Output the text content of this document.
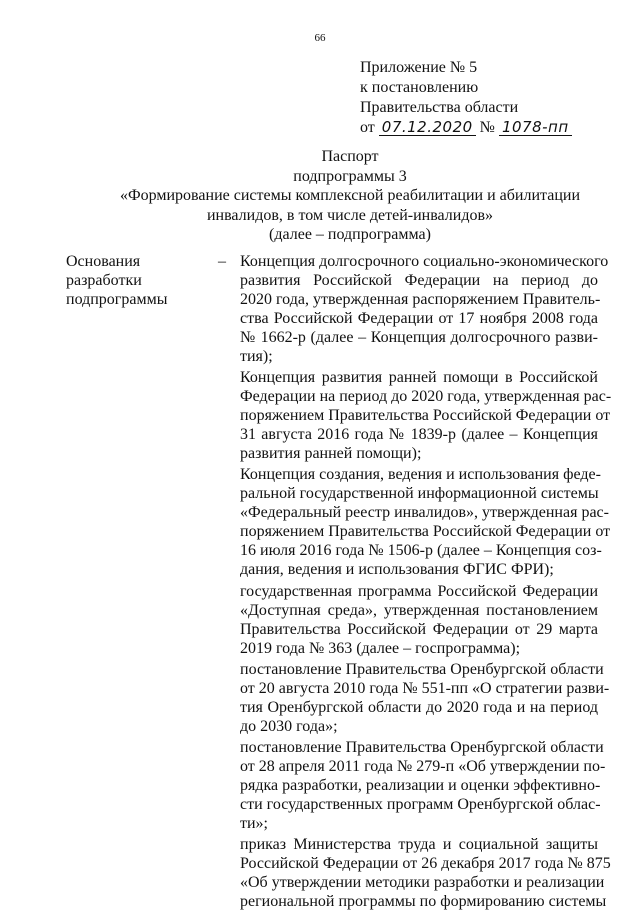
66
Приложение № 5
к постановлению
Правительства области
от 07.12.2020 № 1078-пп
Паспорт
подпрограммы 3
«Формирование системы комплексной реабилитации и абилитации
инвалидов, в том числе детей-инвалидов»
(далее – подпрограмма)
Основания
разработки
подпрограммы
– Концепция долгосрочного социально-экономического
развития Российской Федерации на период до
2020 года, утвержденная распоряжением Правитель-
ства Российской Федерации от 17 ноября 2008 года
№ 1662-р (далее – Концепция долгосрочного разви-
тия);
Концепция развития ранней помощи в Российской
Федерации на период до 2020 года, утвержденная рас-
поряжением Правительства Российской Федерации от
31 августа 2016 года № 1839-р (далее – Концепция
развития ранней помощи);
Концепция создания, ведения и использования феде-
ральной государственной информационной системы
«Федеральный реестр инвалидов», утвержденная рас-
поряжением Правительства Российской Федерации от
16 июля 2016 года № 1506-р (далее – Концепция соз-
дания, ведения и использования ФГИС ФРИ);
государственная программа Российской Федерации
«Доступная среда», утвержденная постановлением
Правительства Российской Федерации от 29 марта
2019 года № 363 (далее – госпрограмма);
постановление Правительства Оренбургской области
от 20 августа 2010 года № 551-пп «О стратегии разви-
тия Оренбургской области до 2020 года и на период
до 2030 года»;
постановление Правительства Оренбургской области
от 28 апреля 2011 года № 279-п «Об утверждении по-
рядка разработки, реализации и оценки эффективно-
сти государственных программ Оренбургской облас-
ти»;
приказ Министерства труда и социальной защиты
Российской Федерации от 26 декабря 2017 года № 875
«Об утверждении методики разработки и реализации
региональной программы по формированию системы
